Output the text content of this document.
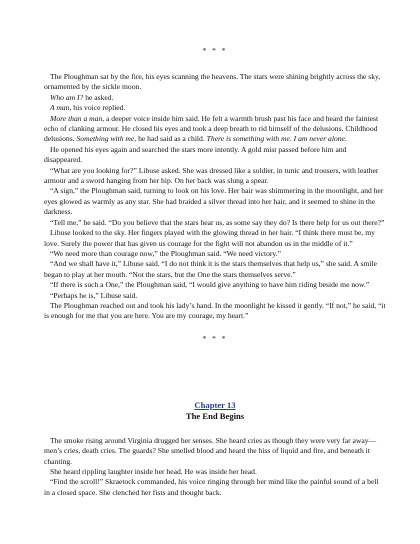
* * *

The Ploughman sat by the fire, his eyes scanning the heavens. The stars were shining brightly across the sky, ornamented by the sickle moon.

Who am I? he asked.

A man, his voice replied.

More than a man, a deeper voice inside him said. He felt a warmth brush past his face and heard the faintest echo of clanking armour. He closed his eyes and took a deep breath to rid himself of the delusions. Childhood delusions. Something with me, he had said as a child. There is something with me. I am never alone.

He opened his eyes again and searched the stars more intently. A gold mist passed before him and disappeared.

“What are you looking for?” Libuse asked. She was dressed like a soldier, in tunic and trousers, with leather armour and a sword hanging from her hip. On her back was slung a spear.

“A sign,” the Ploughman said, turning to look on his love. Her hair was shimmering in the moonlight, and her eyes glowed as warmly as any star. She had braided a silver thread into her hair, and it seemed to shine in the darkness.

“Tell me,” he said. “Do you believe that the stars hear us, as some say they do? Is there help for us out there?”

Libuse looked to the sky. Her fingers played with the glowing thread in her hair. “I think there must be, my love. Surely the power that has given us courage for the fight will not abandon us in the middle of it.”

“We need more than courage now,” the Ploughman said. “We need victory.”

“And we shall have it,” Libuse said. “I do not think it is the stars themselves that help us,” she said. A smile began to play at her mouth. “Not the stars, but the One the stars themselves serve.”

“If there is such a One,” the Ploughman said, “I would give anything to have him riding beside me now.”

“Perhaps he is,” Libuse said.

The Ploughman reached out and took his lady’s hand. In the moonlight he kissed it gently. “If not,” he said, “it is enough for me that you are here. You are my courage, my heart.”

* * *
Chapter 13
The End Begins

The smoke rising around Virginia drugged her senses. She heard cries as though they were very far away—men’s cries, death cries. The guards? She smelled blood and heard the hiss of liquid and fire, and beneath it chanting.

She heard rippling laughter inside her head. He was inside her head.

“Find the scroll!” Skraetock commanded, his voice ringing through her mind like the painful sound of a bell in a closed space. She clenched her fists and thought back.
